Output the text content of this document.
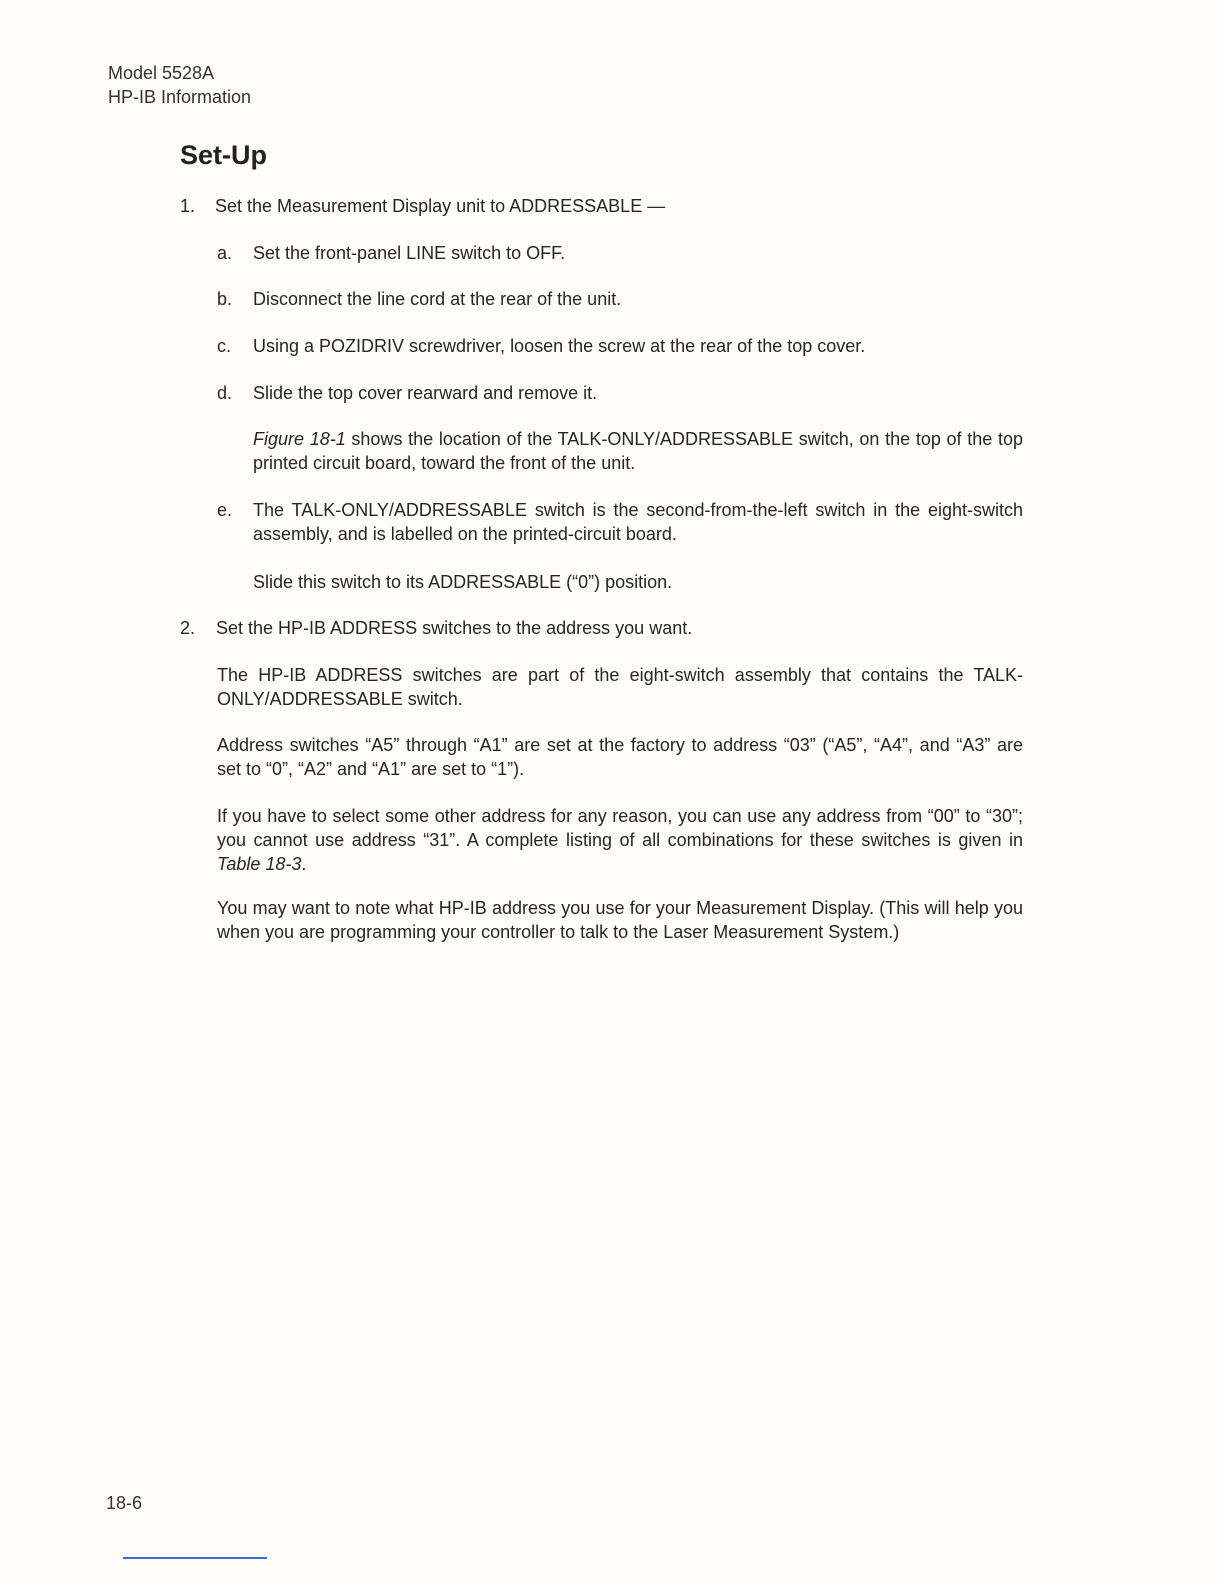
Model 5528A
HP-IB Information
Set-Up
1. Set the Measurement Display unit to ADDRESSABLE —
a. Set the front-panel LINE switch to OFF.
b. Disconnect the line cord at the rear of the unit.
c. Using a POZIDRIV screwdriver, loosen the screw at the rear of the top cover.
d. Slide the top cover rearward and remove it.
Figure 18-1 shows the location of the TALK-ONLY/ADDRESSABLE switch, on the top of the top printed circuit board, toward the front of the unit.
e. The TALK-ONLY/ADDRESSABLE switch is the second-from-the-left switch in the eight-switch assembly, and is labelled on the printed-circuit board.
Slide this switch to its ADDRESSABLE (“0”) position.
2. Set the HP-IB ADDRESS switches to the address you want.
The HP-IB ADDRESS switches are part of the eight-switch assembly that contains the TALK-ONLY/ADDRESSABLE switch.
Address switches “A5” through “A1” are set at the factory to address “03” (“A5”, “A4”, and “A3” are set to “0”, “A2” and “A1” are set to “1”).
If you have to select some other address for any reason, you can use any address from “00” to “30”; you cannot use address “31”. A complete listing of all combinations for these switches is given in Table 18-3.
You may want to note what HP-IB address you use for your Measurement Display. (This will help you when you are programming your controller to talk to the Laser Measurement System.)
18-6
